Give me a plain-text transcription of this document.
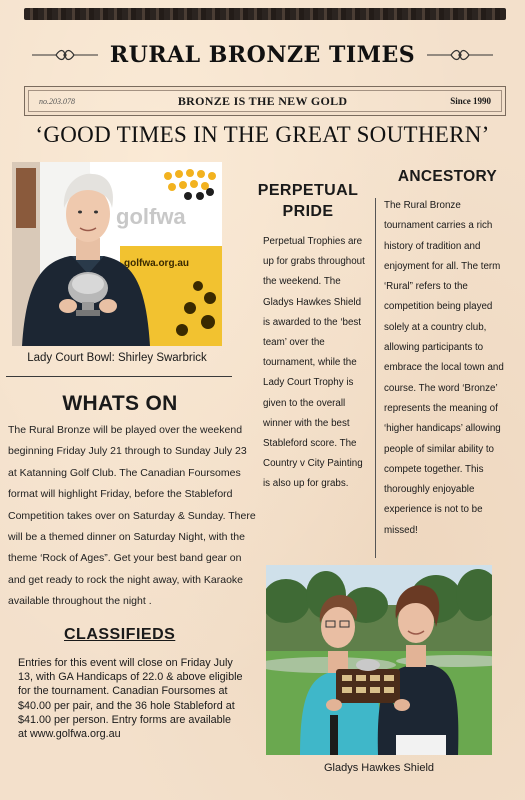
RURAL BRONZE TIMES
no.203.078	BRONZE IS THE NEW GOLD	Since 1990
‘GOOD TIMES IN THE GREAT SOUTHERN’
golfwa
golfwa.org.au
Lady Court Bowl: Shirley Swarbrick
WHATS ON
The Rural Bronze will be played over the weekend beginning Friday July 21 through to Sunday July 23 at Katanning Golf Club. The Canadian Foursomes format will highlight Friday, before the Stableford Competition takes over on Saturday & Sunday. There will be a themed dinner on Saturday Night, with the theme ‘Rock of Ages”. Get your best band gear on and get ready to rock the night away, with Karaoke available throughout the night .
CLASSIFIEDS
Entries for this event will close on Friday July 13, with GA Handicaps of 22.0 & above eligible for the tournament. Canadian Foursomes at $40.00 per pair, and the 36 hole Stableford at $41.00 per person. Entry forms are available at www.golfwa.org.au
PERPETUAL PRIDE
Perpetual Trophies are up for grabs throughout the weekend. The Gladys Hawkes Shield is awarded to the ‘best team’ over the tournament, while the Lady Court Trophy is given to the overall winner with the best Stableford score. The Country v City Painting is also up for grabs.
ANCESTORY
The Rural Bronze tournament carries a rich history of tradition and enjoyment for all. The term ‘Rural” refers to the competition being played solely at a country club, allowing participants to embrace the local town and course. The word ‘Bronze’ represents the meaning of ‘higher handicaps’ allowing people of similar ability to compete together. This thoroughly enjoyable experience is not to be missed!
Gladys Hawkes Shield
